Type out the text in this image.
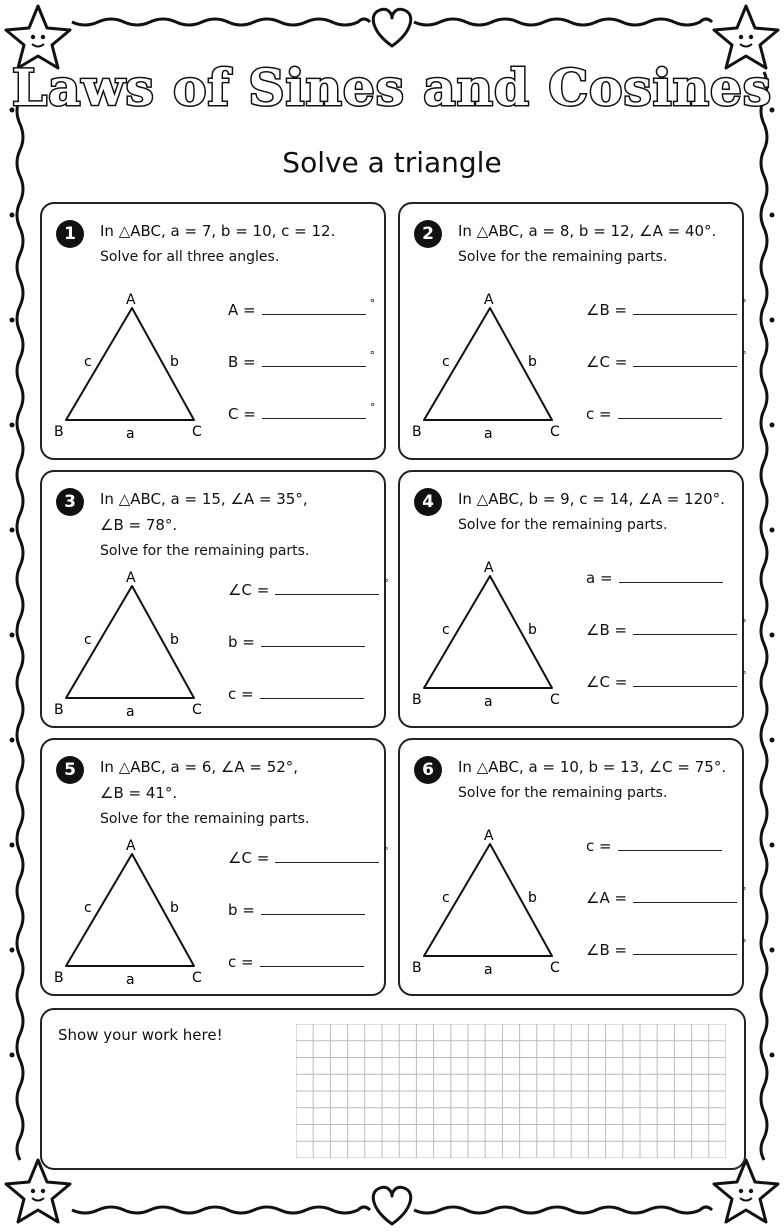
Laws of Sines and Cosines
Solve a triangle
1	In △ABC, a = 7, b = 10, c = 12.
Solve for all three angles.
A
B	C
a
b
c
A =	°
B =	°
C =	°
2	In △ABC, a = 8, b = 12, ∠A = 40°.
Solve for the remaining parts.
A
B	C
a
b
c
∠B =	°
∠C =	°
c =
3	In △ABC, a = 15, ∠A = 35°,
∠B = 78°.
Solve for the remaining parts.
A
B	C
a
b
c
∠C =	°
b =
c =
4	In △ABC, b = 9, c = 14, ∠A = 120°.
Solve for the remaining parts.
A
B	C
a
b
c
a =
∠B =	°
∠C =	°
5	In △ABC, a = 6, ∠A = 52°,
∠B = 41°.
Solve for the remaining parts.
A
B	C
a
b
c
∠C =	°
b =
c =
6	In △ABC, a = 10, b = 13, ∠C = 75°.
Solve for the remaining parts.
A
B	C
a
b
c
c =
∠A =	°
∠B =	°
Show your work here!
